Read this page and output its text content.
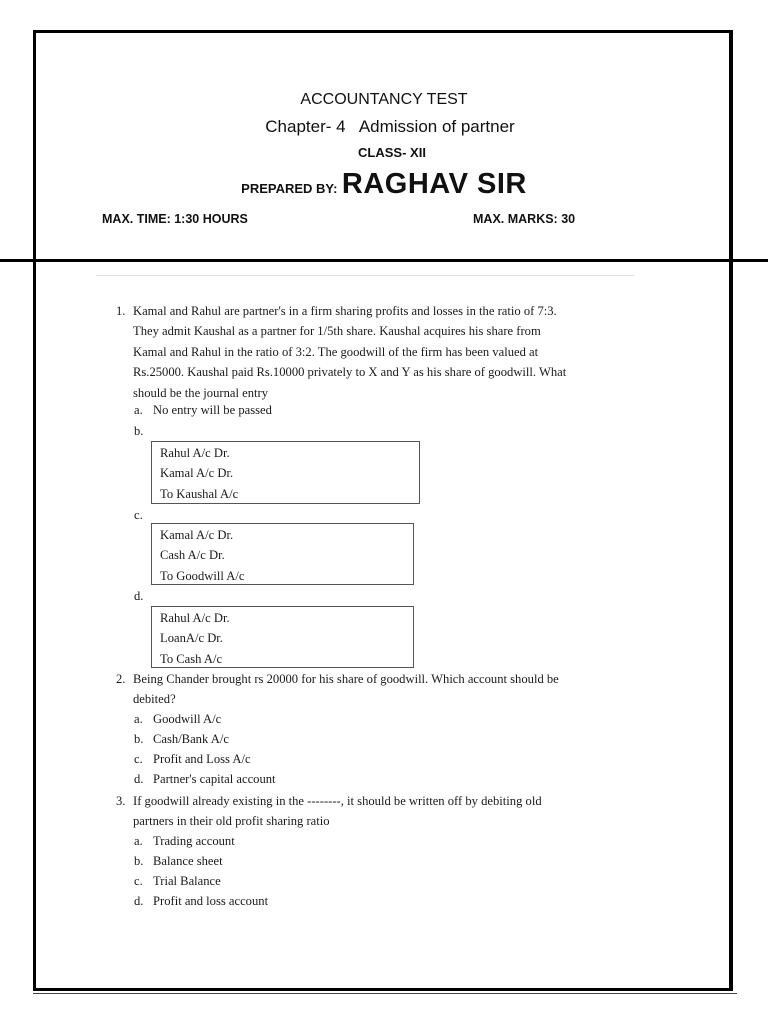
ACCOUNTANCY TEST
Chapter- 4   Admission of partner
CLASS- XII
PREPARED BY: RAGHAV SIR
MAX. TIME: 1:30 HOURS	MAX. MARKS: 30
1. Kamal and Rahul are partner's in a firm sharing profits and losses in the ratio of 7:3.
They admit Kaushal as a partner for 1/5th share. Kaushal acquires his share from
Kamal and Rahul in the ratio of 3:2. The goodwill of the firm has been valued at
Rs.25000. Kaushal paid Rs.10000 privately to X and Y as his share of goodwill. What
should be the journal entry
a. No entry will be passed
b.
Rahul A/c Dr.
Kamal A/c Dr.
To Kaushal A/c
c.
Kamal A/c Dr.
Cash A/c Dr.
To Goodwill A/c
d.
Rahul A/c Dr.
LoanA/c Dr.
To Cash A/c
2. Being Chander brought rs 20000 for his share of goodwill. Which account should be
debited?
a. Goodwill A/c
b. Cash/Bank A/c
c. Profit and Loss A/c
d. Partner's capital account
3. If goodwill already existing in the --------, it should be written off by debiting old
partners in their old profit sharing ratio
a. Trading account
b. Balance sheet
c. Trial Balance
d. Profit and loss account
